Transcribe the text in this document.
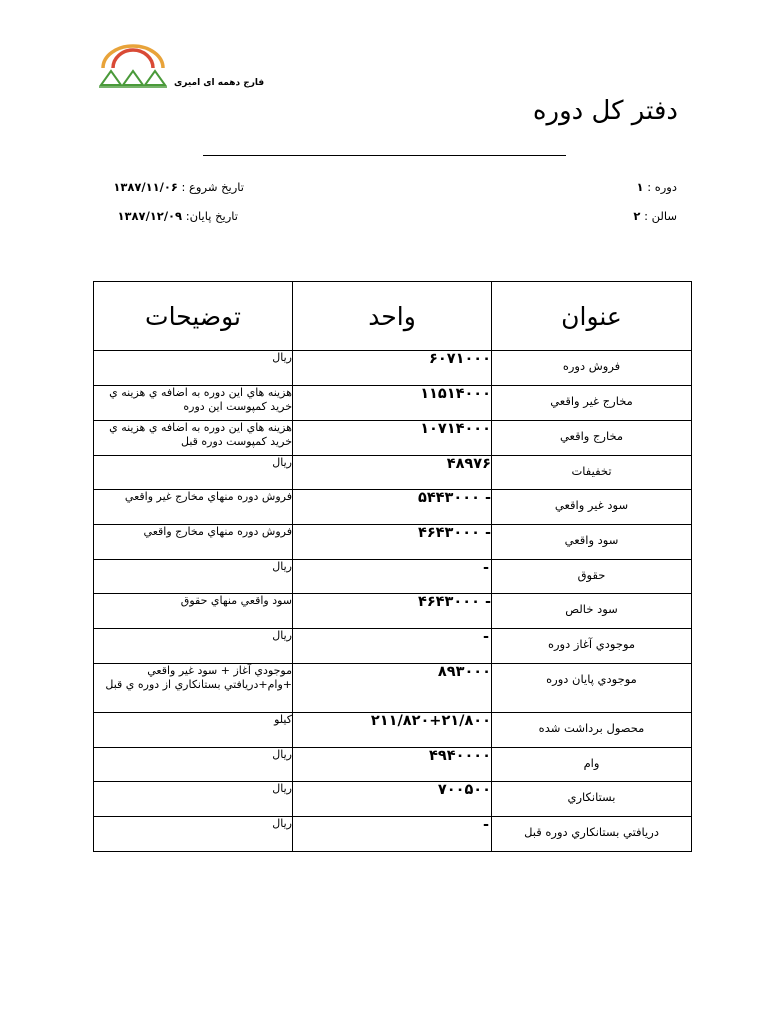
فارج دهمه ای امیری
دفتر کل دوره
دوره : ۱
سالن : ۲
تاريخ شروع : ۱۳۸۷/۱۱/۰۶
تاريخ پايان: ۱۳۸۷/۱۲/۰۹
عنوان	واحد	توضيحات
فروش دوره	۶۰۷۱۰۰۰	ريال
مخارج غير واقعي	۱۱۵۱۴۰۰۰	هزينه هاي اين دوره به اضافه ي هزينه ي خريد كمپوست اين دوره
مخارج واقعي	۱۰۷۱۴۰۰۰	هزينه هاي اين دوره به اضافه ي هزينه ي خريد كمپوست دوره قبل
تخفيفات	۴۸۹۷۶	ريال
سود غير واقعي	- ۵۴۴۳۰۰۰	فروش دوره منهاي مخارج غير واقعي
سود واقعي	- ۴۶۴۳۰۰۰	فروش دوره منهاي مخارج واقعي
حقوق	-	ريال
سود خالص	- ۴۶۴۳۰۰۰	سود واقعي منهاي حقوق
موجودي آغاز دوره	-	ريال
موجودي پايان دوره	۸۹۳۰۰۰	موجودي آغاز + سود غير واقعي +وام+دريافتي بستانكاري از دوره ي قبل
محصول برداشت شده	۲۱۱/۸۲۰+۲۱/۸۰۰	كيلو
وام	۴۹۴۰۰۰۰	ريال
بستانكاري	۷۰۰۵۰۰	ريال
دريافتي بستانكاري دوره قبل	-	ريال
